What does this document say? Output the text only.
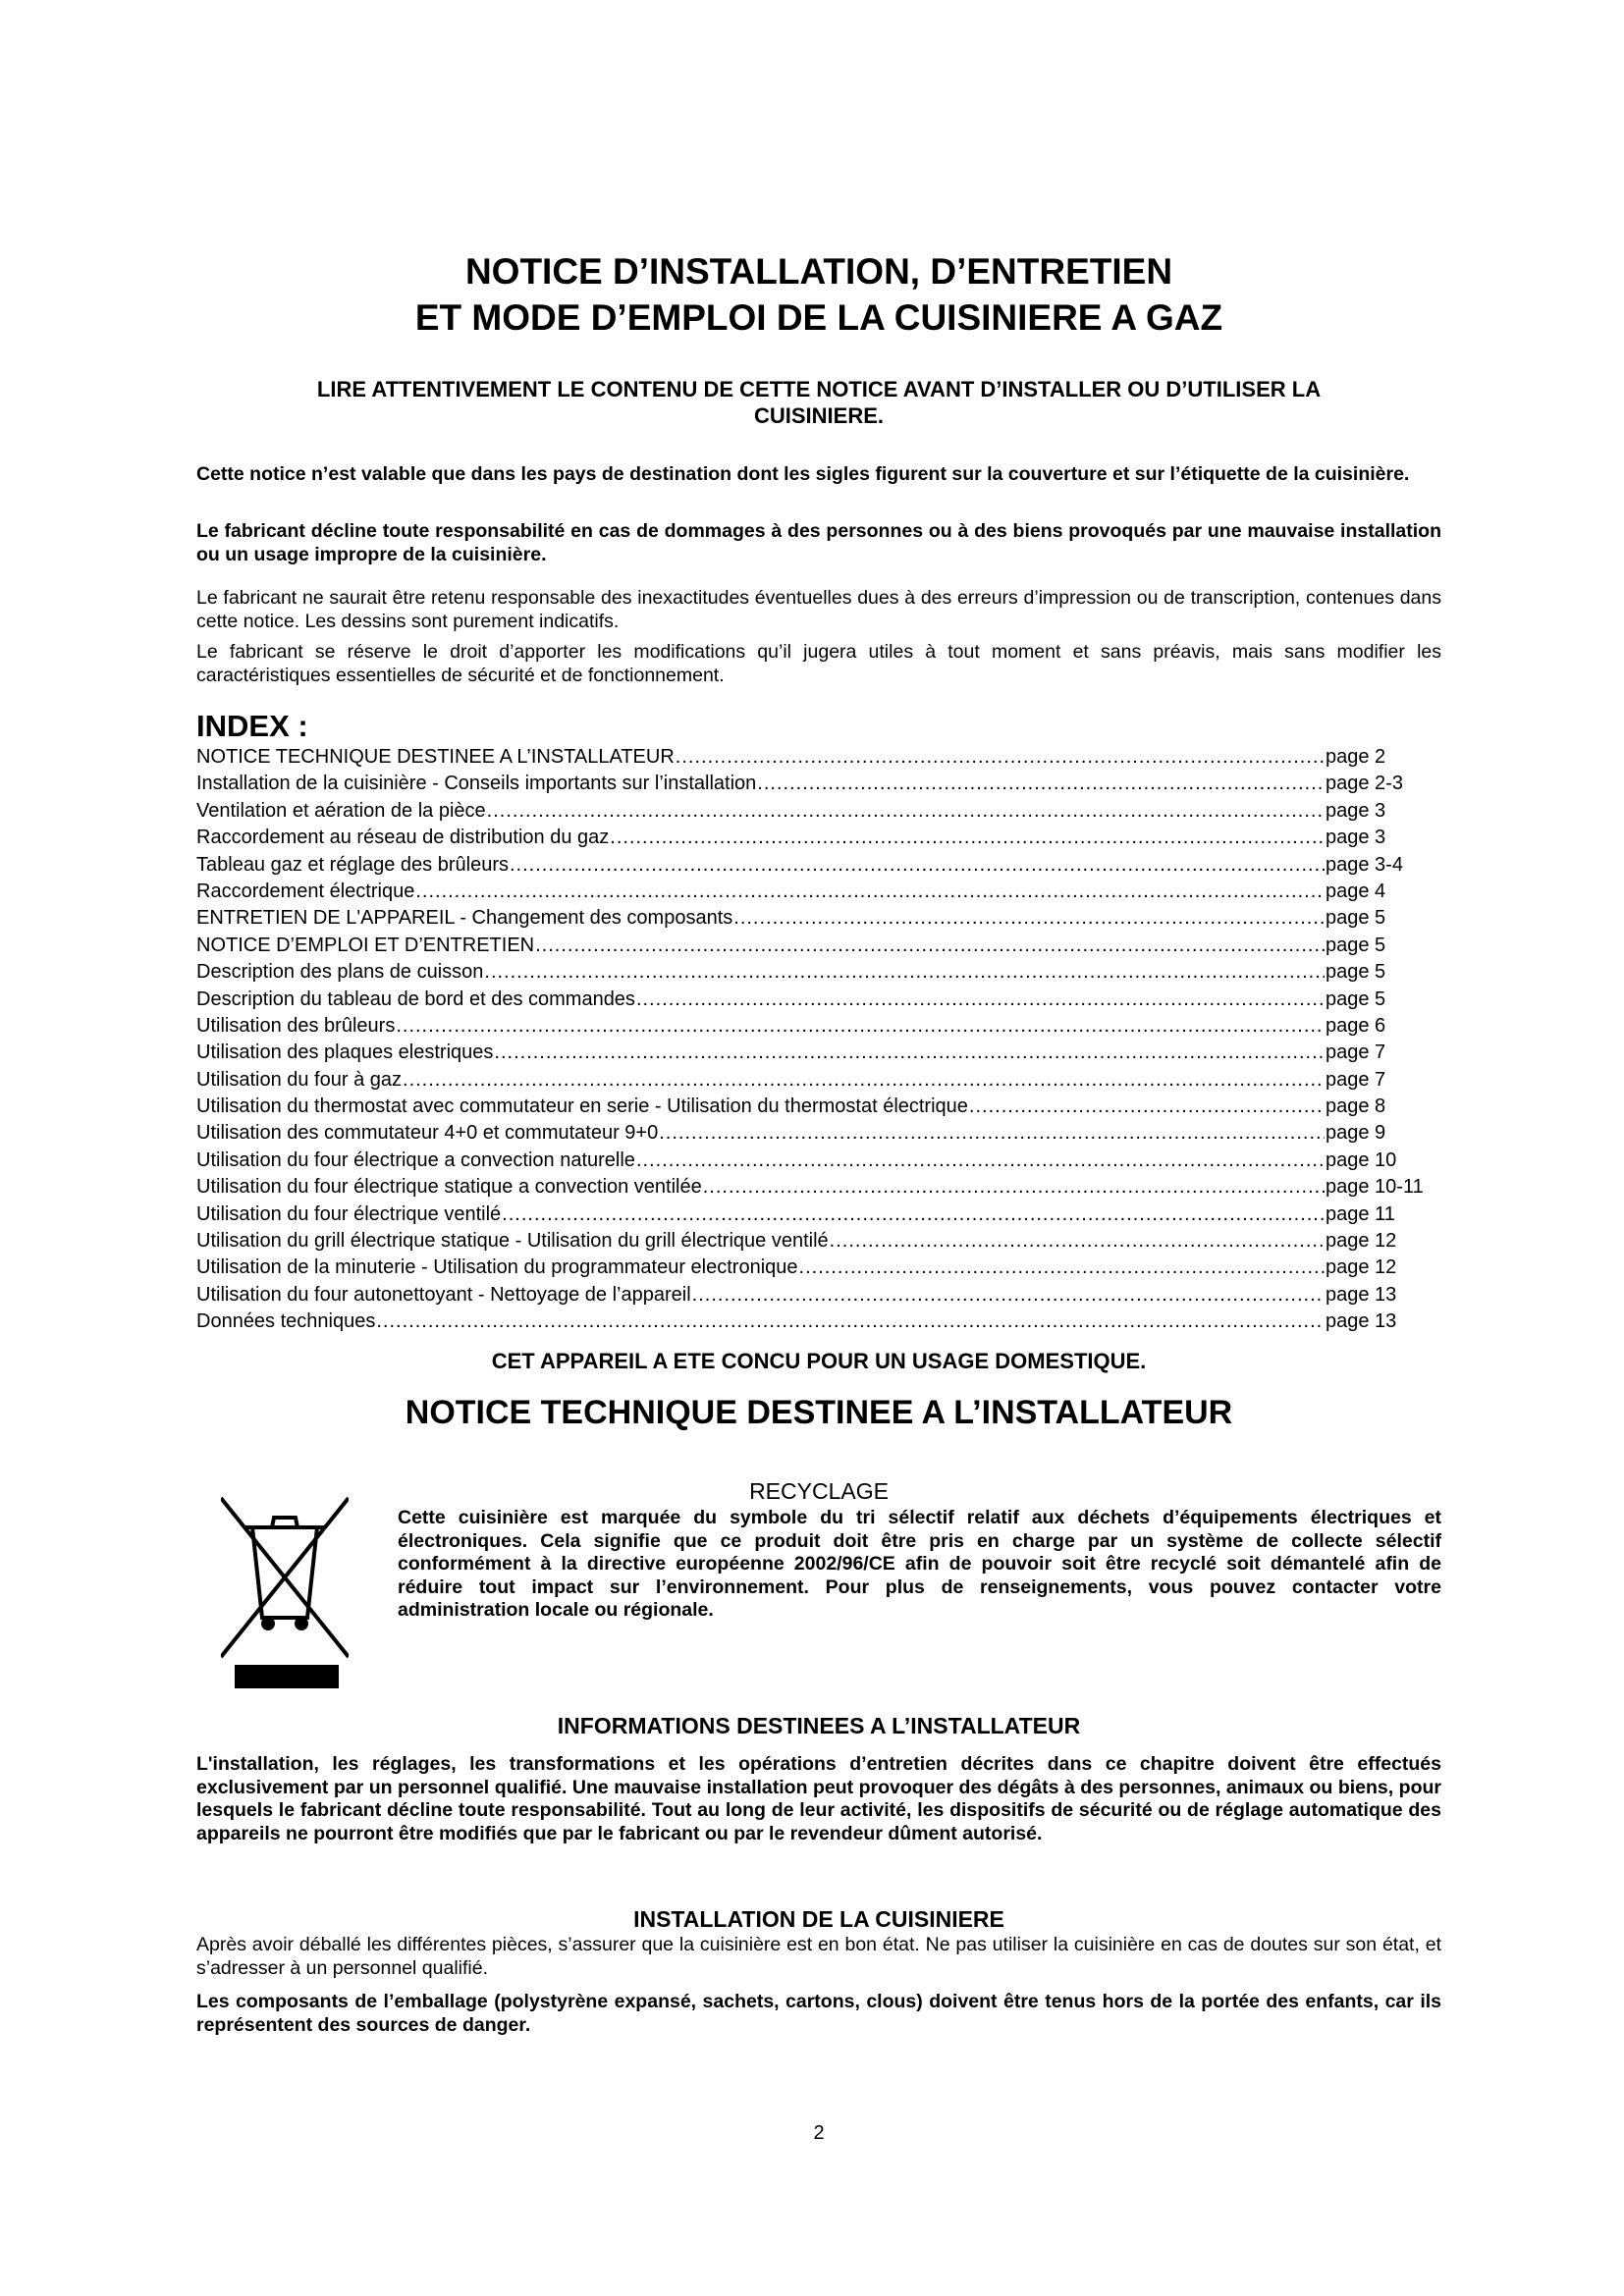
NOTICE D’INSTALLATION, D’ENTRETIEN
ET MODE D’EMPLOI DE LA CUISINIERE A GAZ
LIRE ATTENTIVEMENT LE CONTENU DE CETTE NOTICE AVANT D’INSTALLER OU D’UTILISER LA
CUISINIERE.

Cette notice n’est valable que dans les pays de destination dont les sigles figurent sur la couverture et sur l’étiquette de la cuisinière.

Le fabricant décline toute responsabilité en cas de dommages à des personnes ou à des biens provoqués par une mauvaise installation ou un usage impropre de la cuisinière.

Le fabricant ne saurait être retenu responsable des inexactitudes éventuelles dues à des erreurs d’impression ou de transcription, contenues dans cette notice. Les dessins sont purement indicatifs.

Le fabricant se réserve le droit d’apporter les modifications qu’il jugera utiles à tout moment et sans préavis, mais sans modifier les caractéristiques essentielles de sécurité et de fonctionnement.

INDEX :
NOTICE TECHNIQUE DESTINEE A L’INSTALLATEUR .....	page 2
Installation de la cuisinière - Conseils importants sur l’installation .....	page 2-3
Ventilation et aération de la pièce .....	page 3
Raccordement au réseau de distribution du gaz .....	page 3
Tableau gaz et réglage des brûleurs .....	page 3-4
Raccordement électrique .....	page 4
ENTRETIEN DE L'APPAREIL - Changement des composants .....	page 5
NOTICE D’EMPLOI ET D’ENTRETIEN .....	page 5
Description des plans de cuisson .....	page 5
Description du tableau de bord et des commandes .....	page 5
Utilisation des brûleurs .....	page 6
Utilisation des plaques elestriques .....	page 7
Utilisation du four à gaz .....	page 7
Utilisation du thermostat avec commutateur en serie - Utilisation du thermostat électrique .....	page 8
Utilisation des commutateur 4+0 et commutateur 9+0 .....	page 9
Utilisation du four électrique a convection naturelle .....	page 10
Utilisation du four électrique statique a convection ventilée .....	page 10-11
Utilisation du four électrique ventilé .....	page 11
Utilisation du grill électrique statique - Utilisation du grill électrique ventilé .....	page 12
Utilisation de la minuterie - Utilisation du programmateur electronique .....	page 12
Utilisation du four autonettoyant - Nettoyage de l’appareil .....	page 13
Données techniques .....	page 13
CET APPAREIL A ETE CONCU POUR UN USAGE DOMESTIQUE.
NOTICE TECHNIQUE DESTINEE A L’INSTALLATEUR
RECYCLAGE

Cette cuisinière est marquée du symbole du tri sélectif relatif aux déchets d’équipements électriques et électroniques. Cela signifie que ce produit doit être pris en charge par un système de collecte sélectif conformément à la directive européenne 2002/96/CE afin de pouvoir soit être recyclé soit démantelé afin de réduire tout impact sur l’environnement. Pour plus de renseignements, vous pouvez contacter votre administration locale ou régionale.

INFORMATIONS DESTINEES A L’INSTALLATEUR

L'installation, les réglages, les transformations et les opérations d’entretien décrites dans ce chapitre doivent être effectués exclusivement par un personnel qualifié. Une mauvaise installation peut provoquer des dégâts à des personnes, animaux ou biens, pour lesquels le fabricant décline toute responsabilité. Tout au long de leur activité, les dispositifs de sécurité ou de réglage automatique des appareils ne pourront être modifiés que par le fabricant ou par le revendeur dûment autorisé.

INSTALLATION DE LA CUISINIERE

Après avoir déballé les différentes pièces, s’assurer que la cuisinière est en bon état. Ne pas utiliser la cuisinière en cas de doutes sur son état, et s’adresser à un personnel qualifié.

Les composants de l’emballage (polystyrène expansé, sachets, cartons, clous) doivent être tenus hors de la portée des enfants, car ils représentent des sources de danger.

2
